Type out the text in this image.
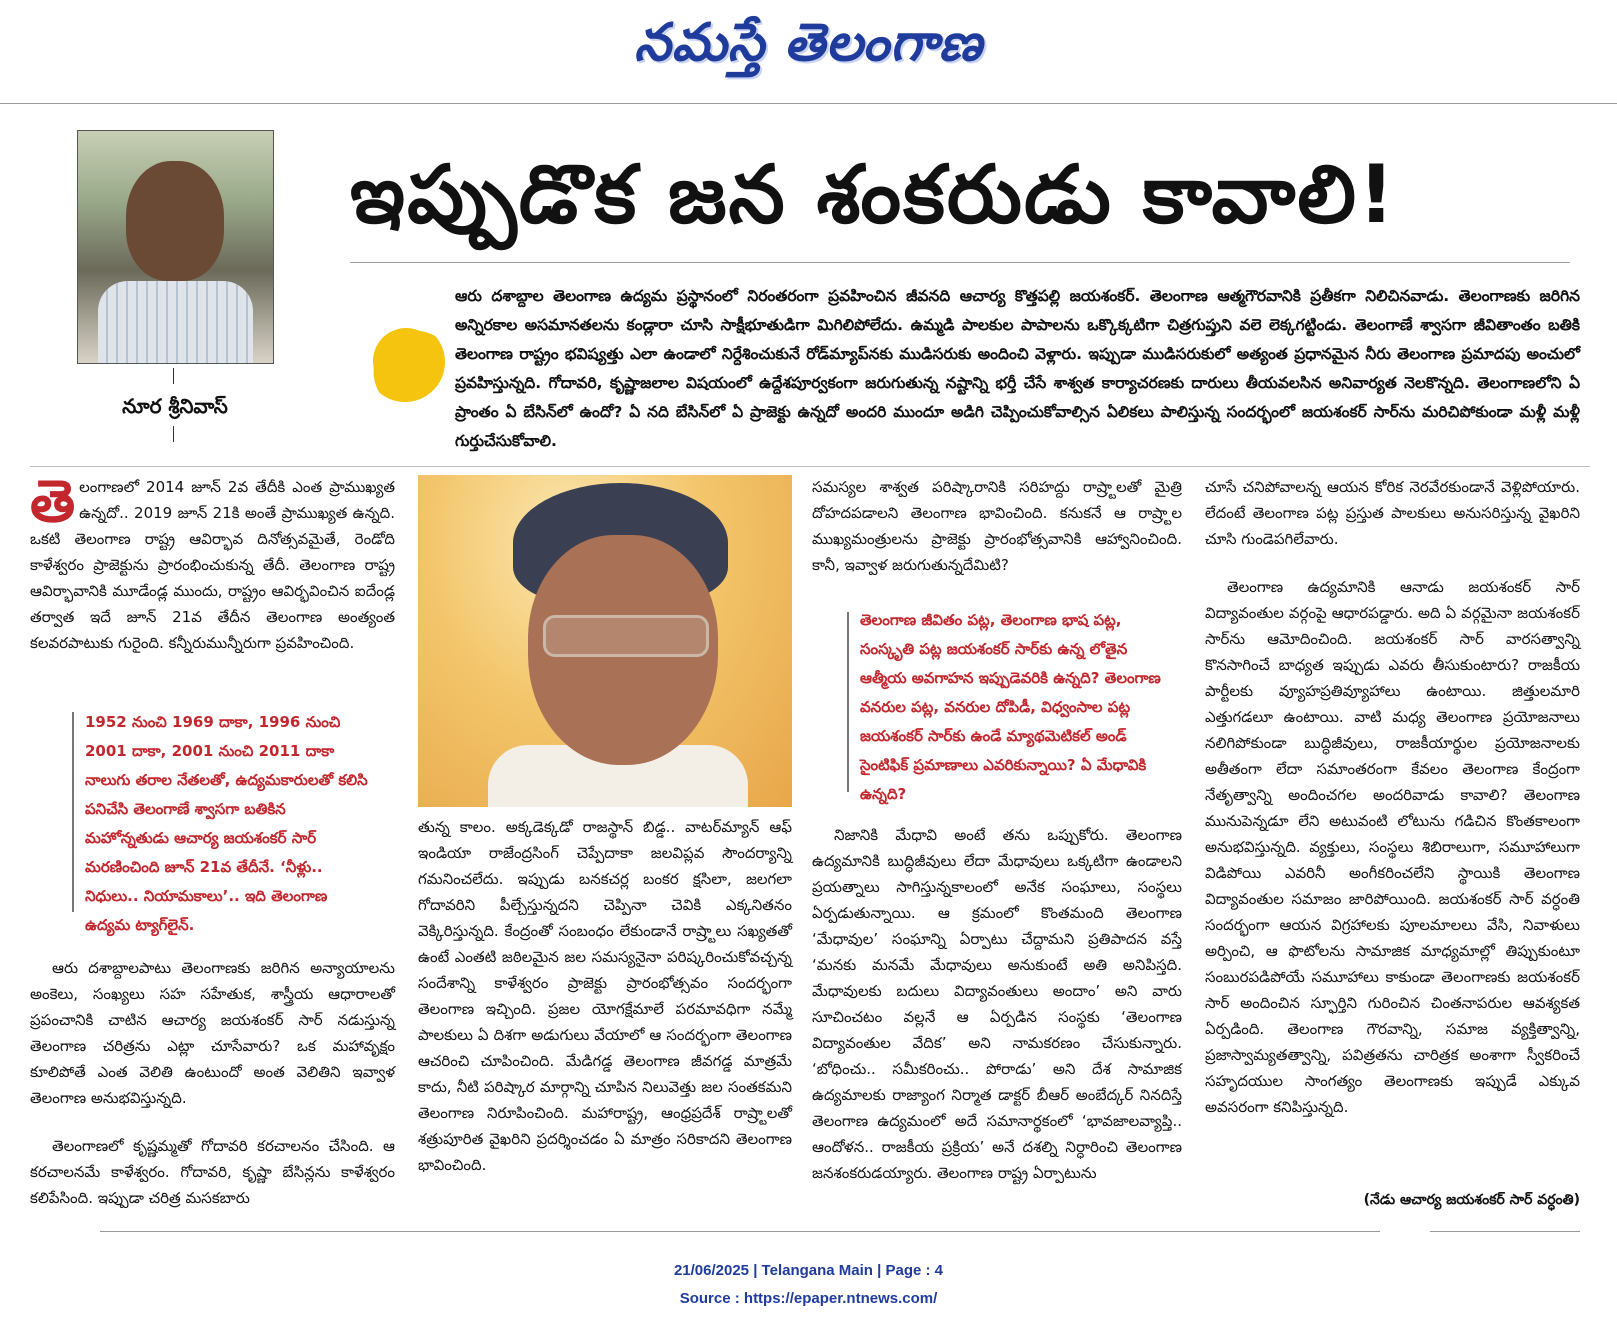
నమస్తే తెలంగాణ
నూర శ్రీనివాస్
ఇప్పుడొక జన శంకరుడు కావాలి!
ఆరు దశాబ్దాల తెలంగాణ ఉద్యమ ప్రస్థానంలో నిరంతరంగా ప్రవహించిన జీవనది ఆచార్య కొత్తపల్లి జయశంకర్. తెలంగాణ ఆత్మగౌరవానికి ప్రతీకగా నిలిచినవాడు. తెలంగాణకు జరిగిన అన్నిరకాల అసమానతలను కండ్లారా చూసి సాక్షీభూతుడిగా మిగిలిపోలేదు. ఉమ్మడి పాలకుల పాపాలను ఒక్కొక్కటిగా చిత్రగుప్తుని వలె లెక్కగట్టిండు. తెలంగాణే శ్వాసగా జీవితాంతం బతికి తెలంగాణ రాష్ట్రం భవిష్యత్తు ఎలా ఉండాలో నిర్దేశించుకునే రోడ్‌మ్యాప్‌నకు ముడిసరుకు అందించి వెళ్లారు. ఇప్పుడా ముడిసరుకులో అత్యంత ప్రధానమైన నీరు తెలంగాణ ప్రమాదపు అంచులో ప్రవహిస్తున్నది. గోదావరి, కృష్ణాజలాల విషయంలో ఉద్దేశపూర్వకంగా జరుగుతున్న నష్టాన్ని భర్తీ చేసే శాశ్వత కార్యాచరణకు దారులు తీయవలసిన అనివార్యత నెలకొన్నది. తెలంగాణలోని ఏ ప్రాంతం ఏ బేసిన్‌లో ఉందో? ఏ నది బేసిన్‌లో ఏ ప్రాజెక్టు ఉన్నదో అందరి ముందూ అడిగి చెప్పించుకోవాల్సిన ఏలికలు పాలిస్తున్న సందర్భంలో జయశంకర్ సార్‌ను మరిచిపోకుండా మళ్లీ మళ్లీ గుర్తుచేసుకోవాలి.

తెలంగాణలో 2014 జూన్ 2వ తేదీకి ఎంత ప్రాముఖ్యత ఉన్నదో.. 2019 జూన్ 21కి అంతే ప్రాముఖ్యత ఉన్నది. ఒకటి తెలంగాణ రాష్ట్ర ఆవిర్భావ దినోత్సవమైతే, రెండోది కాళేశ్వరం ప్రాజెక్టును ప్రారంభించుకున్న తేదీ. తెలంగాణ రాష్ట్ర ఆవిర్భావానికి మూడేండ్ల ముందు, రాష్ట్రం ఆవిర్భవించిన ఐదేండ్ల తర్వాత ఇదే జూన్ 21వ తేదీన తెలంగాణ అంత్యంత కలవరపాటుకు గురైంది. కన్నీరుమున్నీరుగా ప్రవహించింది.

1952 నుంచి 1969 దాకా, 1996 నుంచి 2001 దాకా, 2001 నుంచి 2011 దాకా నాలుగు తరాల నేతలతో, ఉద్యమకారులతో కలిసి పనిచేసి తెలంగాణే శ్వాసగా బతికిన మహోన్నతుడు ఆచార్య జయశంకర్ సార్ మరణించింది జూన్ 21వ తేదీనే. ‘నీళ్లు.. నిధులు.. నియామకాలు’.. ఇది తెలంగాణ ఉద్యమ ట్యాగ్‌లైన్.

ఆరు దశాబ్దాలపాటు తెలంగాణకు జరిగిన అన్యాయాలను అంకెలు, సంఖ్యలు సహ సహేతుక, శాస్త్రీయ ఆధారాలతో ప్రపంచానికి చాటిన ఆచార్య జయశంకర్ సార్ నడుస్తున్న తెలంగాణ చరిత్రను ఎట్లా చూసేవారు? ఒక మహావృక్షం కూలిపోతే ఎంత వెలితి ఉంటుందో అంత వెలితిని ఇవ్వాళ తెలంగాణ అనుభవిస్తున్నది.

తెలంగాణలో కృష్ణమ్మతో గోదావరి కరచాలనం చేసింది. ఆ కరచాలనమే కాళేశ్వరం. గోదావరి, కృష్ణా బేసిన్లను కాళేశ్వరం కలిపేసింది. ఇప్పుడా చరిత్ర మసకబారు

తున్న కాలం. అక్కడెక్కడో రాజస్థాన్ బిడ్డ.. వాటర్‌మ్యాన్ ఆఫ్ ఇండియా రాజేంద్రసింగ్ చెప్పేదాకా జలవిప్లవ సౌందర్యాన్ని గమనించలేదు. ఇప్పుడు బనకచర్ల బంకర క్షసిలా, జలగలా గోదావరిని పీల్చేస్తున్నదని చెప్పినా చెవికి ఎక్కనితనం వెక్కిరిస్తున్నది. కేంద్రంతో సంబంధం లేకుండానే రాష్ర్టాలు సఖ్యతతో ఉంటే ఎంతటి జఠిలమైన జల సమస్యనైనా పరిష్కరించుకోవచ్చన్న సందేశాన్ని కాళేశ్వరం ప్రాజెక్టు ప్రారంభోత్సవం సందర్భంగా తెలంగాణ ఇచ్చింది. ప్రజల యోగక్షేమాలే పరమావధిగా నమ్మే పాలకులు ఏ దిశగా అడుగులు వేయాలో ఆ సందర్భంగా తెలంగాణ ఆచరించి చూపించింది. మేడిగడ్డ తెలంగాణ జీవగడ్డ మాత్రమే కాదు, నీటి పరిష్కార మార్గాన్ని చూపిన నిలువెత్తు జల సంతకమని తెలంగాణ నిరూపించింది. మహారాష్ట్ర, ఆంధ్రప్రదేశ్ రాష్ర్టాలతో శత్రుపూరిత వైఖరిని ప్రదర్శించడం ఏ మాత్రం సరికాదని తెలంగాణ భావించింది.

సమస్యల శాశ్వత పరిష్కారానికి సరిహద్దు రాష్ర్టాలతో మైత్రి దోహదపడాలని తెలంగాణ భావించింది. కనుకనే ఆ రాష్ర్టాల ముఖ్యమంత్రులను ప్రాజెక్టు ప్రారంభోత్సవానికి ఆహ్వానించింది. కానీ, ఇవ్వాళ జరుగుతున్నదేమిటి?

తెలంగాణ జీవితం పట్ల, తెలంగాణ భాష పట్ల, సంస్కృతి పట్ల జయశంకర్ సార్‌కు ఉన్న లోతైన ఆత్మీయ అవగాహన ఇప్పుడెవరికి ఉన్నది? తెలంగాణ వనరుల పట్ల, వనరుల దోపిడీ, విధ్వంసాల పట్ల జయశంకర్ సార్‌కు ఉండే మ్యాథమెటికల్ అండ్ సైంటిఫిక్ ప్రమాణాలు ఎవరికున్నాయి? ఏ మేధావికి ఉన్నది?

నిజానికి మేధావి అంటే తను ఒప్పుకోరు. తెలంగాణ ఉద్యమానికి బుద్ధిజీవులు లేదా మేధావులు ఒక్కటిగా ఉండాలని ప్రయత్నాలు సాగిస్తున్నకాలంలో అనేక సంఘాలు, సంస్థలు ఏర్పడుతున్నాయి. ఆ క్రమంలో కొంతమంది తెలంగాణ ‘మేధావుల’ సంఘాన్ని ఏర్పాటు చేద్దామని ప్రతిపాదన వస్తే ‘మనకు మనమే మేధావులు అనుకుంటే అతి అనిపిస్తది. మేధావులకు బదులు విద్యావంతులు అందాం’ అని వారు సూచించటం వల్లనే ఆ ఏర్పడిన సంస్థకు ‘తెలంగాణ విద్యావంతుల వేదిక’ అని నామకరణం చేసుకున్నారు. ‘బోధించు.. సమీకరించు.. పోరాడు’ అని దేశ సామాజిక ఉద్యమాలకు రాజ్యాంగ నిర్మాత డాక్టర్ బీఆర్ అంబేద్కర్ నినదిస్తే తెలంగాణ ఉద్యమంలో అదే సమానార్థకంలో ‘భావజాలవ్యాప్తి.. ఆందోళన.. రాజకీయ ప్రక్రియ’ అనే దశల్ని నిర్ధారించి తెలంగాణ జనశంకరుడయ్యారు. తెలంగాణ రాష్ట్ర ఏర్పాటును

చూసే చనిపోవాలన్న ఆయన కోరిక నెరవేరకుండానే వెళ్లిపోయారు. లేదంటే తెలంగాణ పట్ల ప్రస్తుత పాలకులు అనుసరిస్తున్న వైఖరిని చూసి గుండెపగిలేవారు.

తెలంగాణ ఉద్యమానికి ఆనాడు జయశంకర్ సార్ విద్యావంతుల వర్గంపై ఆధారపడ్డారు. అది ఏ వర్గమైనా జయశంకర్ సార్‌ను ఆమోదించింది. జయశంకర్ సార్ వారసత్వాన్ని కొనసాగించే బాధ్యత ఇప్పుడు ఎవరు తీసుకుంటారు? రాజకీయ పార్టీలకు వ్యూహప్రతివ్యూహాలు ఉంటాయి. జిత్తులమారి ఎత్తుగడలూ ఉంటాయి. వాటి మధ్య తెలంగాణ ప్రయోజనాలు నలిగిపోకుండా బుద్ధిజీవులు, రాజకీయార్థుల ప్రయోజనాలకు అతీతంగా లేదా సమాంతరంగా కేవలం తెలంగాణ కేంద్రంగా నేతృత్వాన్ని అందించగల అందరివాడు కావాలి? తెలంగాణ మునుపెన్నడూ లేని అటువంటి లోటును గడిచిన కొంతకాలంగా అనుభవిస్తున్నది. వ్యక్తులు, సంస్థలు శిబిరాలుగా, సమూహాలుగా విడిపోయి ఎవరినీ అంగీకరించలేని స్థాయికి తెలంగాణ విద్యావంతుల సమాజం జారిపోయింది. జయశంకర్ సార్ వర్ధంతి సందర్భంగా ఆయన విగ్రహాలకు పూలమాలలు వేసి, నివాళులు అర్పించి, ఆ ఫొటోలను సామాజిక మాధ్యమాల్లో తిప్పుకుంటూ సంబురపడిపోయే సమూహాలు కాకుండా తెలంగాణకు జయశంకర్ సార్ అందించిన స్ఫూర్తిని గురించిన చింతనాపరుల ఆవశ్యకత ఏర్పడింది. తెలంగాణ గౌరవాన్ని, సమాజ వ్యక్తిత్వాన్ని, ప్రజాస్వామ్యతత్వాన్ని, పవిత్రతను చారిత్రక అంశాగా స్వీకరించే సహృదయుల సాంగత్యం తెలంగాణకు ఇప్పుడే ఎక్కువ అవసరంగా కనిపిస్తున్నది.

(నేడు ఆచార్య జయశంకర్ సార్ వర్ధంతి)
21/06/2025 | Telangana Main | Page : 4
Source : https://epaper.ntnews.com/
